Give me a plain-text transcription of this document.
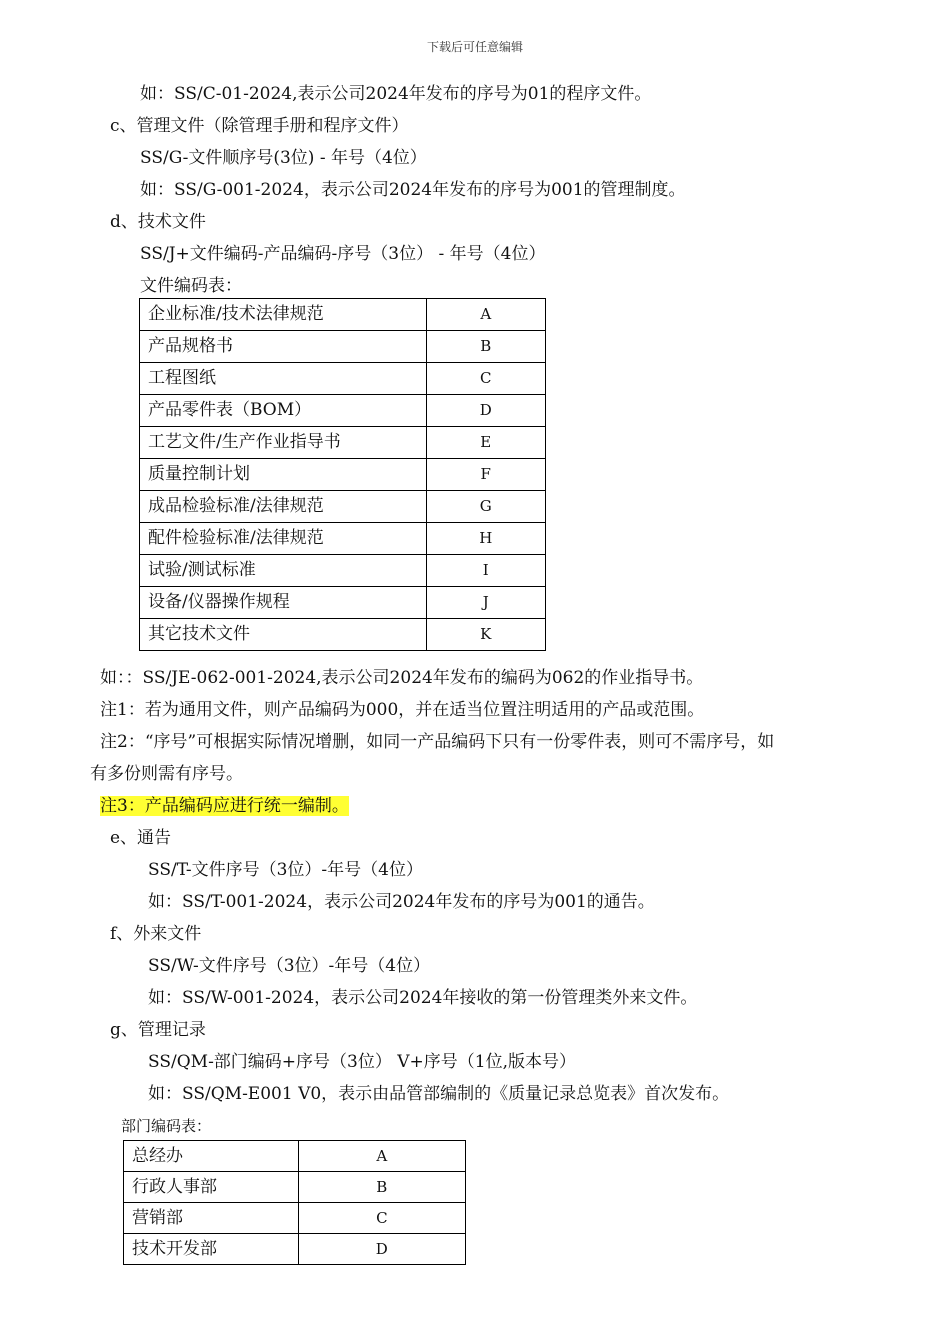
下载后可任意编辑
如：SS/C-01-2024,表示公司2024年发布的序号为01的程序文件。
c、管理文件（除管理手册和程序文件）
SS/G-文件顺序号(3位) - 年号（4位）
如：SS/G-001-2024，表示公司2024年发布的序号为001的管理制度。
d、技术文件
SS/J+文件编码-产品编码-序号（3位） - 年号（4位）
文件编码表：
企业标准/技术法律规范	A
产品规格书	B
工程图纸	C
产品零件表（BOM）	D
工艺文件/生产作业指导书	E
质量控制计划	F
成品检验标准/法律规范	G
配件检验标准/法律规范	H
试验/测试标准	I
设备/仪器操作规程	J
其它技术文件	K
如：：SS/JE-062-001-2024,表示公司2024年发布的编码为062的作业指导书。
注1：若为通用文件，则产品编码为000，并在适当位置注明适用的产品或范围。
注2：“序号”可根据实际情况增删，如同一产品编码下只有一份零件表，则可不需序号，如
有多份则需有序号。
注3：产品编码应进行统一编制。
e、通告
SS/T-文件序号（3位）-年号（4位）
如：SS/T-001-2024，表示公司2024年发布的序号为001的通告。
f、外来文件
SS/W-文件序号（3位）-年号（4位）
如：SS/W-001-2024，表示公司2024年接收的第一份管理类外来文件。
g、管理记录
SS/QM-部门编码+序号（3位） V+序号（1位,版本号）
如：SS/QM-E001 V0，表示由品管部编制的《质量记录总览表》首次发布。
部门编码表：
总经办	A
行政人事部	B
营销部	C
技术开发部	D
